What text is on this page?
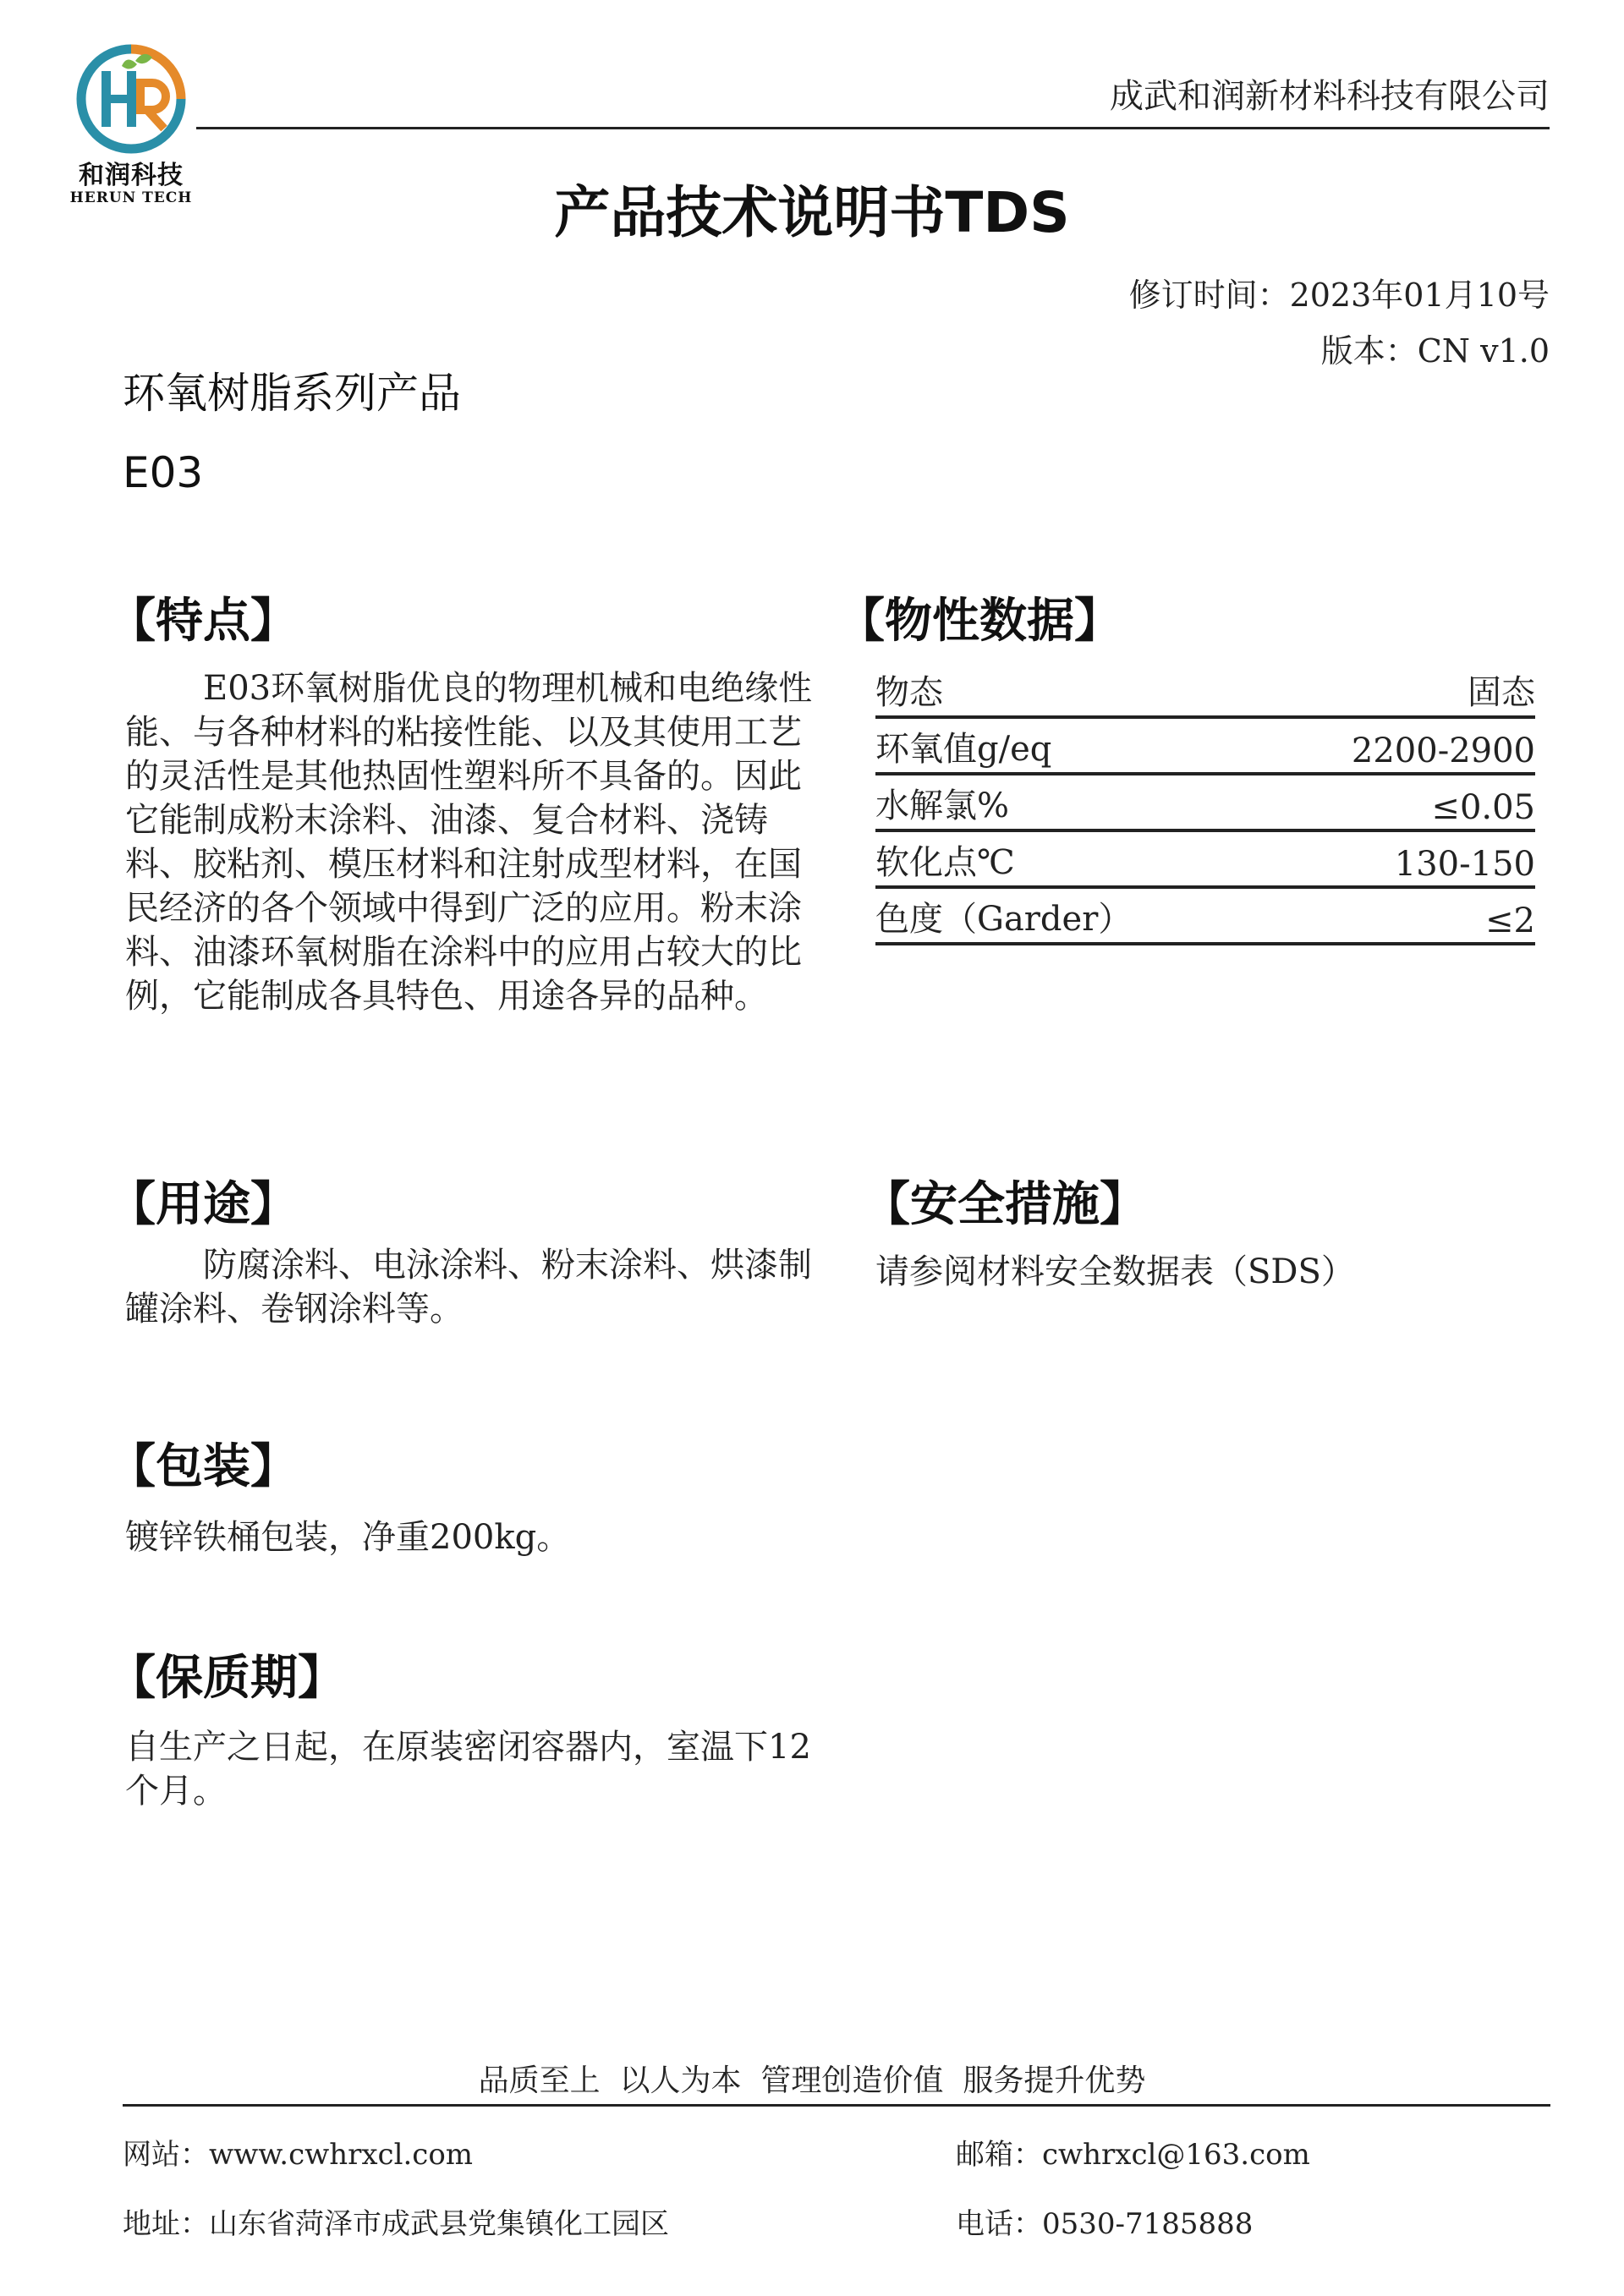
和润科技
HERUN TECH
成武和润新材料科技有限公司
产品技术说明书TDS
修订时间：2023年01月10号
版本：CN v1.0
环氧树脂系列产品
E03
【特点】
E03环氧树脂优良的物理机械和电绝缘性能、与各种材料的粘接性能、以及其使用工艺的灵活性是其他热固性塑料所不具备的。因此它能制成粉末涂料、油漆、复合材料、浇铸料、胶粘剂、模压材料和注射成型材料，在国民经济的各个领域中得到广泛的应用。粉末涂料、油漆环氧树脂在涂料中的应用占较大的比例，它能制成各具特色、用途各异的品种。
【物性数据】
物态	固态
环氧值g/eq	2200-2900
水解氯%	≤0.05
软化点℃	130-150
色度（Garder）	≤2
【用途】
防腐涂料、电泳涂料、粉末涂料、烘漆制罐涂料、卷钢涂料等。
【安全措施】
请参阅材料安全数据表（SDS）
【包装】
镀锌铁桶包装，净重200kg。
【保质期】
自生产之日起，在原装密闭容器内，室温下12个月。
品质至上  以人为本  管理创造价值  服务提升优势
网站：www.cwhrxcl.com	邮箱：cwhrxcl@163.com
地址：山东省菏泽市成武县党集镇化工园区	电话：0530-7185888
